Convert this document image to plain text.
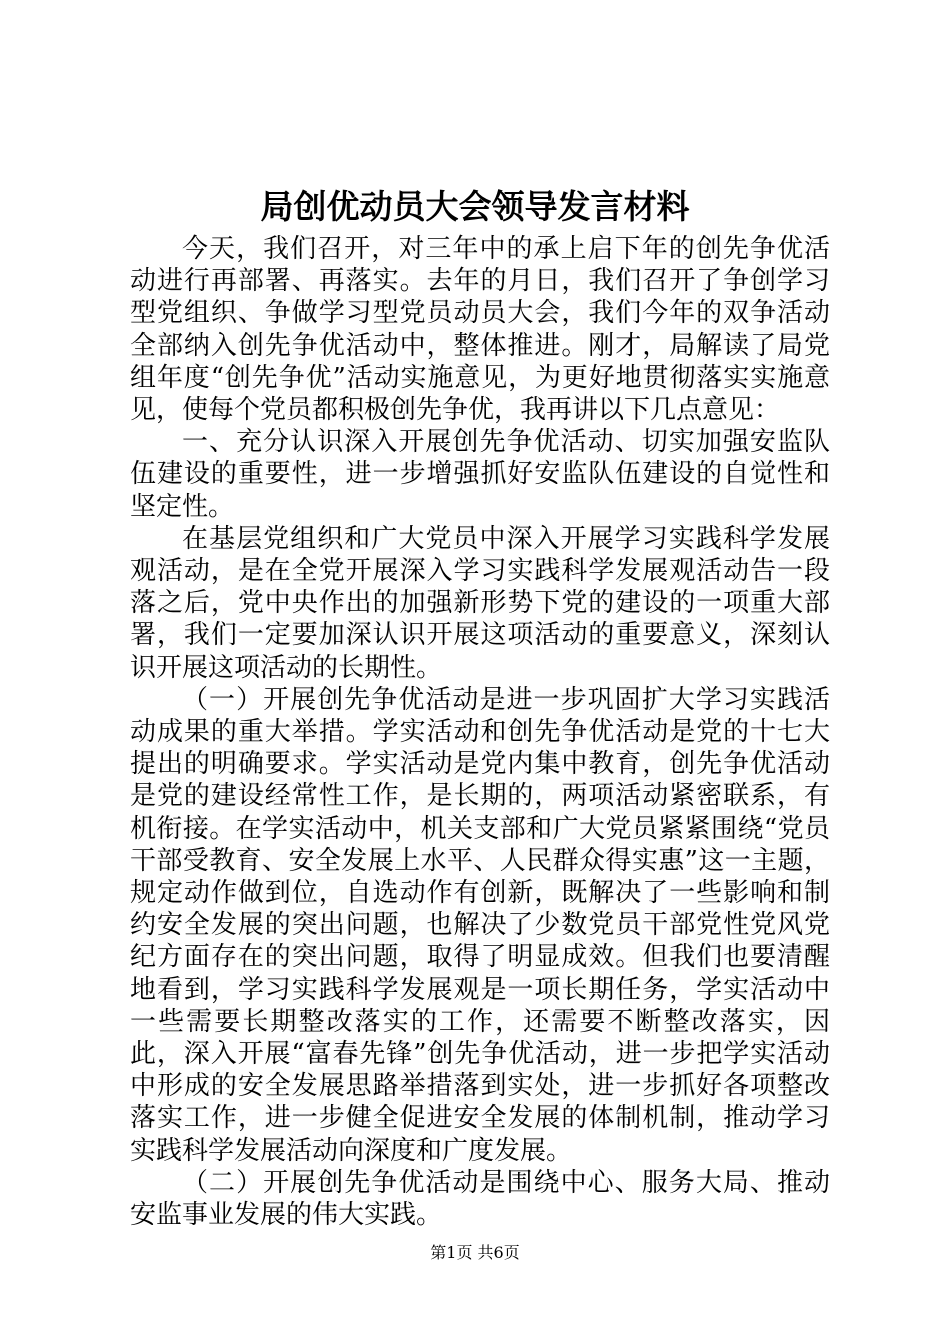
局创优动员大会领导发言材料

今天，我们召开，对三年中的承上启下年的创先争优活动进行再部署、再落实。去年的月日，我们召开了争创学习型党组织、争做学习型党员动员大会，我们今年的双争活动全部纳入创先争优活动中，整体推进。刚才，局解读了局党组年度“创先争优”活动实施意见，为更好地贯彻落实实施意见，使每个党员都积极创先争优，我再讲以下几点意见：

一、充分认识深入开展创先争优活动、切实加强安监队伍建设的重要性，进一步增强抓好安监队伍建设的自觉性和坚定性。

在基层党组织和广大党员中深入开展学习实践科学发展观活动，是在全党开展深入学习实践科学发展观活动告一段落之后，党中央作出的加强新形势下党的建设的一项重大部署，我们一定要加深认识开展这项活动的重要意义，深刻认识开展这项活动的长期性。

（一）开展创先争优活动是进一步巩固扩大学习实践活动成果的重大举措。学实活动和创先争优活动是党的十七大提出的明确要求。学实活动是党内集中教育，创先争优活动是党的建设经常性工作，是长期的，两项活动紧密联系，有机衔接。在学实活动中，机关支部和广大党员紧紧围绕“党员干部受教育、安全发展上水平、人民群众得实惠”这一主题，规定动作做到位，自选动作有创新，既解决了一些影响和制约安全发展的突出问题，也解决了少数党员干部党性党风党纪方面存在的突出问题，取得了明显成效。但我们也要清醒地看到，学习实践科学发展观是一项长期任务，学实活动中一些需要长期整改落实的工作，还需要不断整改落实，因此，深入开展“富春先锋”创先争优活动，进一步把学实活动中形成的安全发展思路举措落到实处，进一步抓好各项整改落实工作，进一步健全促进安全发展的体制机制，推动学习实践科学发展活动向深度和广度发展。

（二）开展创先争优活动是围绕中心、服务大局、推动安监事业发展的伟大实践。

第1页 共6页
